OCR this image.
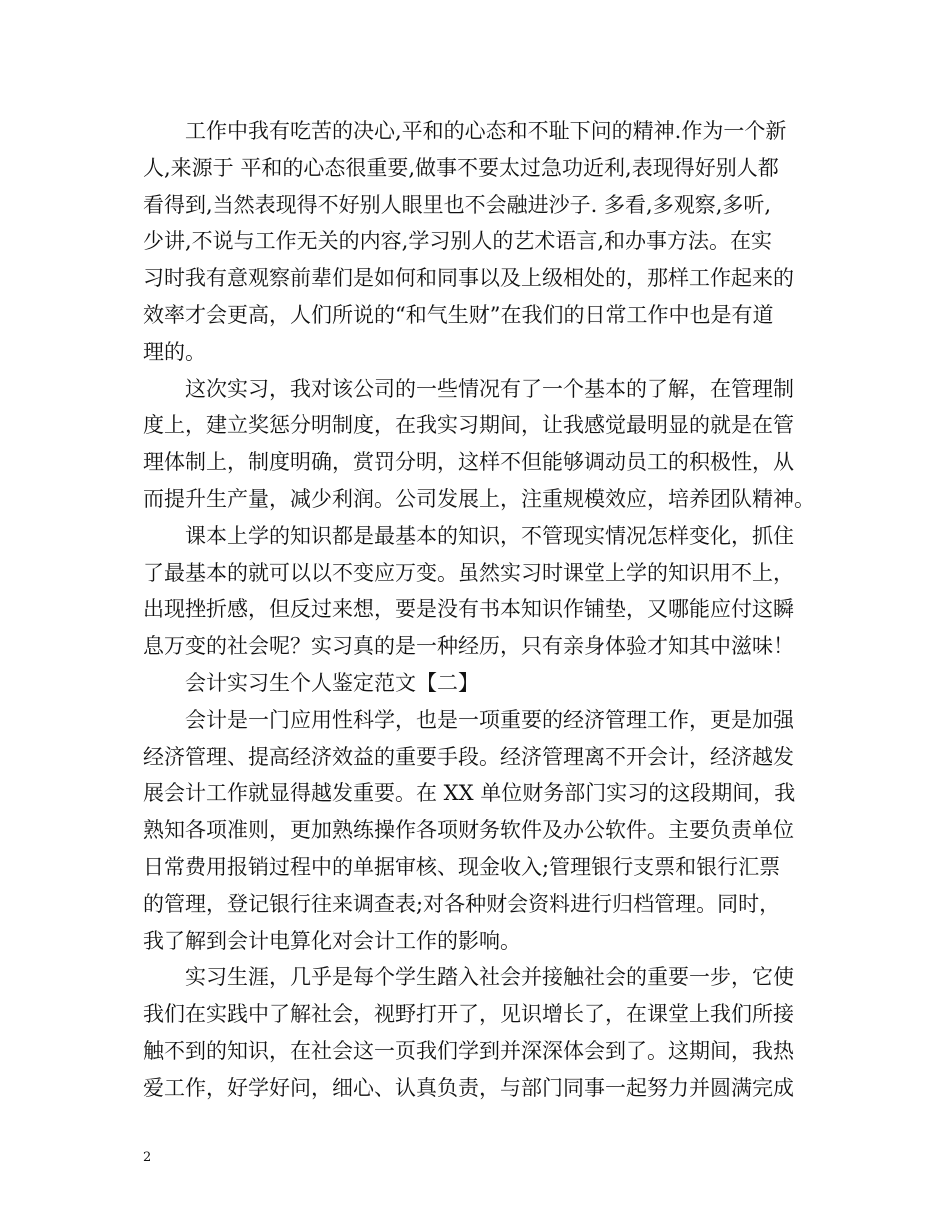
工作中我有吃苦的决心,平和的心态和不耻下问的精神.作为一个新
人,来源于 平和的心态很重要,做事不要太过急功近利,表现得好别人都
看得到,当然表现得不好别人眼里也不会融进沙子. 多看,多观察,多听,
少讲,不说与工作无关的内容,学习别人的艺术语言,和办事方法。在实
习时我有意观察前辈们是如何和同事以及上级相处的，那样工作起来的
效率才会更高，人们所说的“和气生财”在我们的日常工作中也是有道
理的。
这次实习，我对该公司的一些情况有了一个基本的了解，在管理制
度上，建立奖惩分明制度，在我实习期间，让我感觉最明显的就是在管
理体制上，制度明确，赏罚分明，这样不但能够调动员工的积极性，从
而提升生产量，减少利润。公司发展上，注重规模效应，培养团队精神。
课本上学的知识都是最基本的知识，不管现实情况怎样变化，抓住
了最基本的就可以以不变应万变。虽然实习时课堂上学的知识用不上，
出现挫折感，但反过来想，要是没有书本知识作铺垫，又哪能应付这瞬
息万变的社会呢？实习真的是一种经历，只有亲身体验才知其中滋味！
会计实习生个人鉴定范文【二】
会计是一门应用性科学，也是一项重要的经济管理工作，更是加强
经济管理、提高经济效益的重要手段。经济管理离不开会计，经济越发
展会计工作就显得越发重要。在 XX 单位财务部门实习的这段期间，我
熟知各项准则，更加熟练操作各项财务软件及办公软件。主要负责单位
日常费用报销过程中的单据审核、现金收入;管理银行支票和银行汇票
的管理，登记银行往来调查表;对各种财会资料进行归档管理。同时，
我了解到会计电算化对会计工作的影响。
实习生涯，几乎是每个学生踏入社会并接触社会的重要一步，它使
我们在实践中了解社会，视野打开了，见识增长了，在课堂上我们所接
触不到的知识，在社会这一页我们学到并深深体会到了。这期间，我热
爱工作，好学好问，细心、认真负责，与部门同事一起努力并圆满完成
2
